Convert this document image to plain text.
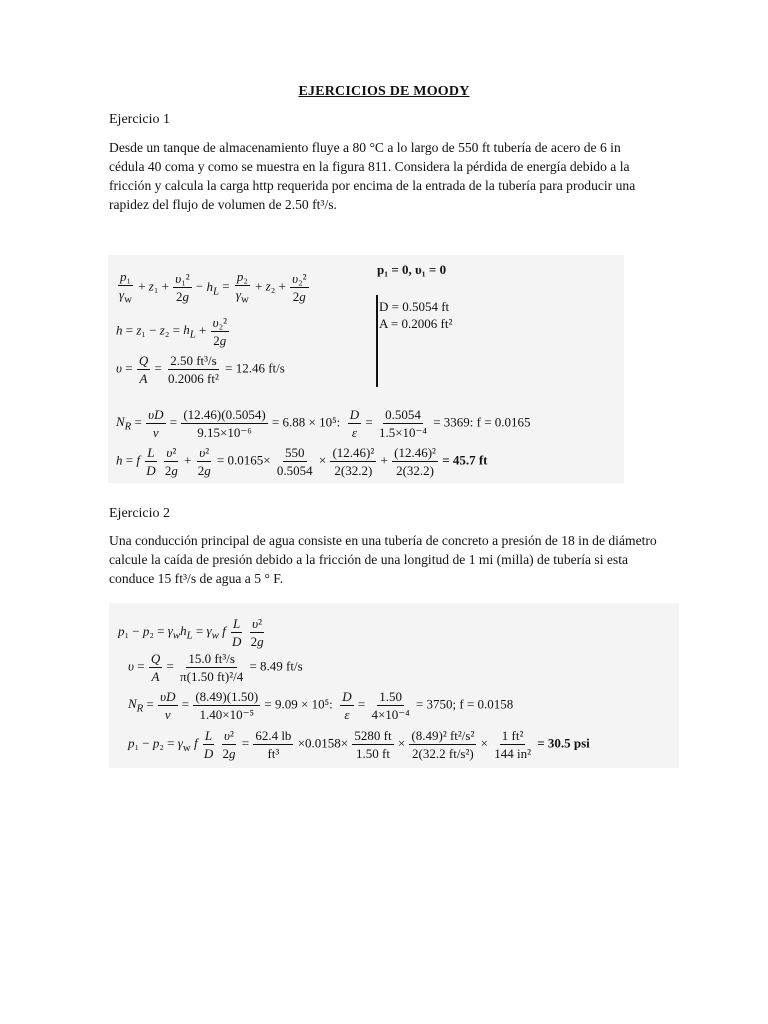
EJERCICIOS DE MOODY
Ejercicio 1
Desde un tanque de almacenamiento fluye a 80 °C a lo largo de 550 ft tubería de acero de 6 in cédula 40 coma y como se muestra en la figura 811. Considera la pérdida de energía debido a la fricción y calcula la carga http requerida por encima de la entrada de la tubería para producir una rapidez del flujo de volumen de 2.50 ft³/s.
$\frac{\text{p₁}}{\gamma_w} + z_1 + \frac{\text{υ₁²}}{2g} - h_L = \frac{\text{p₂}}{\gamma_w} + z_2 + \frac{\text{υ₂²}}{2g}$
$h = z_1 - z_2 = h_L + \frac{\text{υ₂²}}{2g}$
$\upsilon = \frac{Q}{A} = \frac{\text{2.50 ft³/s}}{\text{0.2006 ft²}} = 12.46$ ft/s
p₁ = 0, υ₁ = 0
D = 0.5054 ft
A = 0.2006 ft²
$N_R = \frac{\upsilon D}{\nu} = \frac{(12.46)(0.5054)}{\text{9.15×10⁻⁶}} = 6.88 \times 10^5$: $\frac{D}{\varepsilon} = \frac{0.5054}{\text{1.5×10⁻⁴}} = 3369$: f = 0.0165
h = f $\frac{L}{D}$
$\frac{\text{υ²}}{2g} + \frac{\text{υ²}}{2g} = 0.0165\times \frac{550}{0.5054} \times \frac{\text{(12.46)²}}{2(32.2)} + \frac{\text{(12.46)²}}{2(32.2)} = 45.7$ ft
Ejercicio 2
Una conducción principal de agua consiste en una tubería de concreto a presión de 18 in de diámetro calcule la caída de presión debido a la fricción de una longitud de 1 mi (milla) de tubería si esta conduce 15 ft³/s de agua a 5 ° F.
$p_1 - p_2 = \gamma_wh_L = \gamma_w$ f $\frac{L}{D}$
$\frac{\text{υ²}}{2g}$
$\upsilon = \frac{Q}{A} = \frac{\text{15.0 ft³/s}}{\text{π(1.50 ft)²/4}} = 8.49$ ft/s
$N_R = \frac{\upsilon D}{\nu} = \frac{(8.49)(1.50)}{\text{1.40×10⁻⁵}} = 9.09 \times 10^5$: $\frac{D}{\varepsilon} = \frac{1.50}{\text{4×10⁻⁴}} = 3750$; f = 0.0158
$p_1 - p_2 = \gamma_w$ f $\frac{L}{D}$
$\frac{\text{υ²}}{2g} = \frac{62.4 lb}{\text{ft³}} \times 0.0158\times \frac{5280 ft}{1.50 ft} \times \frac{\text{(8.49)² ft²/s²}}{\text{2(32.2 ft/s²)}} \times \frac{\text{1 ft²}}{\text{144 in²}} = 30.5$ psi
